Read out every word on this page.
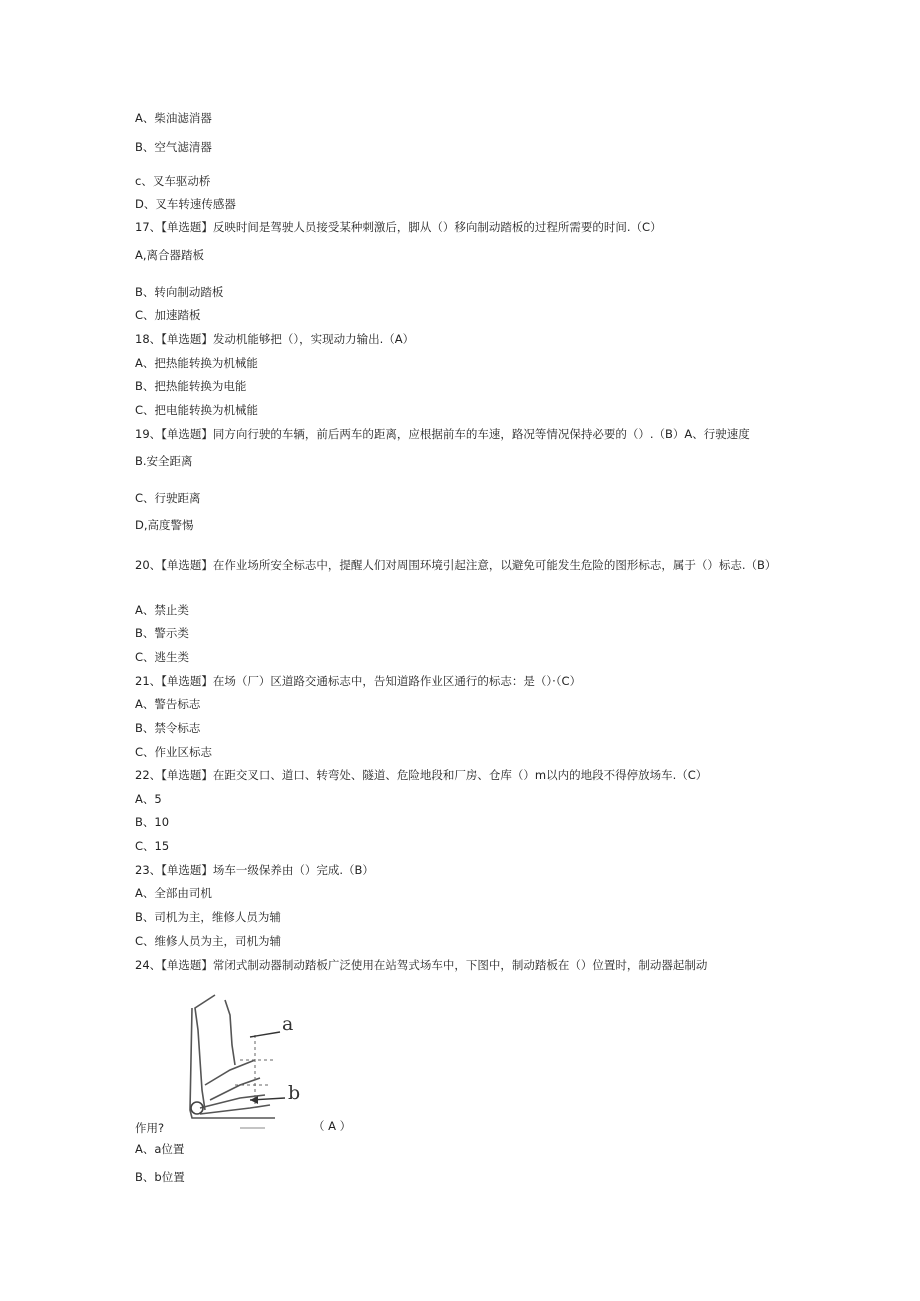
A、柴油滤消器
B、空气滤清器
c、叉车驱动桥
D、叉车转速传感器
17、【单选题】反映时间是驾驶人员接受某种刺激后，脚从（）移向制动踏板的过程所需要的时间.（C）
A,离合器踏板
B、转向制动踏板
C、加速踏板
18、【单选题】发动机能够把（），实现动力输出.（A）
A、把热能转换为机械能
B、把热能转换为电能
C、把电能转换为机械能
19、【单选题】同方向行驶的车辆，前后两车的距离，应根据前车的车速，路况等情况保持必要的（）.（B）A、行驶速度
B.安全距离
C、行驶距离
D,高度警惕
20、【单选题】在作业场所安全标志中，提醒人们对周围环境引起注意，以避免可能发生危险的图形标志，属于（）标志.（B）
A、禁止类
B、警示类
C、逃生类
21、【单选题】在场（厂）区道路交通标志中，告知道路作业区通行的标志：是（）·（C）
A、警告标志
B、禁令标志
C、作业区标志
22、【单选题】在距交叉口、道口、转弯处、隧道、危险地段和厂房、仓库（）m以内的地段不得停放场车.（C）
A、5
B、10
C、15
23、【单选题】场车一级保养由（）完成.（B）
A、全部由司机
B、司机为主，维修人员为辅
C、维修人员为主，司机为辅
24、【单选题】常闭式制动器制动踏板广泛使用在站驾式场车中，下图中，制动踏板在（）位置时，制动器起制动
a
b
（ A ）
作用?
A、a位置
B、b位置
